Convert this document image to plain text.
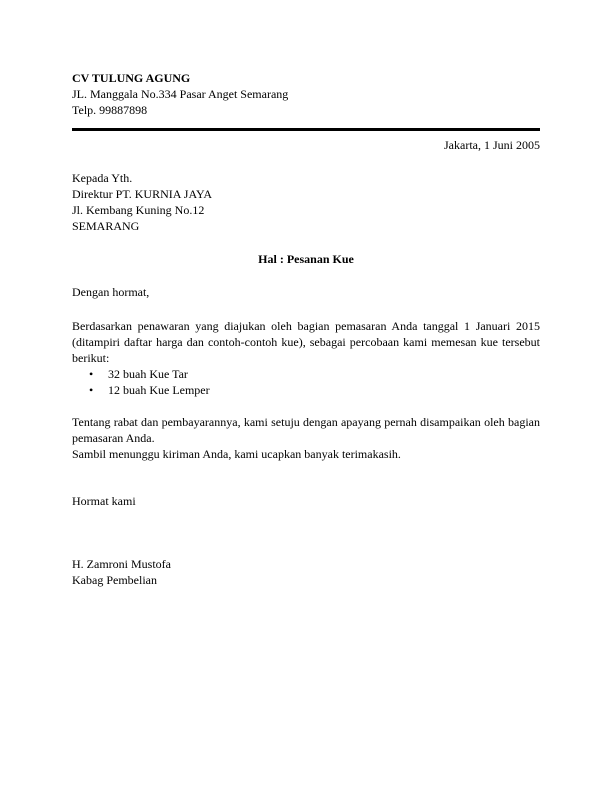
CV TULUNG AGUNG

JL. Manggala No.334 Pasar Anget Semarang

Telp. 99887898

Jakarta, 1 Juni 2005

Kepada Yth.

Direktur PT. KURNIA JAYA

Jl. Kembang Kuning No.12

SEMARANG

Hal : Pesanan Kue

Dengan hormat,

Berdasarkan penawaran yang diajukan oleh bagian pemasaran Anda tanggal 1 Januari 2015 (ditampiri daftar harga dan contoh-contoh kue), sebagai percobaan kami memesan kue tersebut berikut:

• 32 buah Kue Tar
• 12 buah Kue Lemper

Tentang rabat dan pembayarannya, kami setuju dengan apayang pernah disampaikan oleh bagian pemasaran Anda.

Sambil menunggu kiriman Anda, kami ucapkan banyak terimakasih.

Hormat kami

H. Zamroni Mustofa

Kabag Pembelian
